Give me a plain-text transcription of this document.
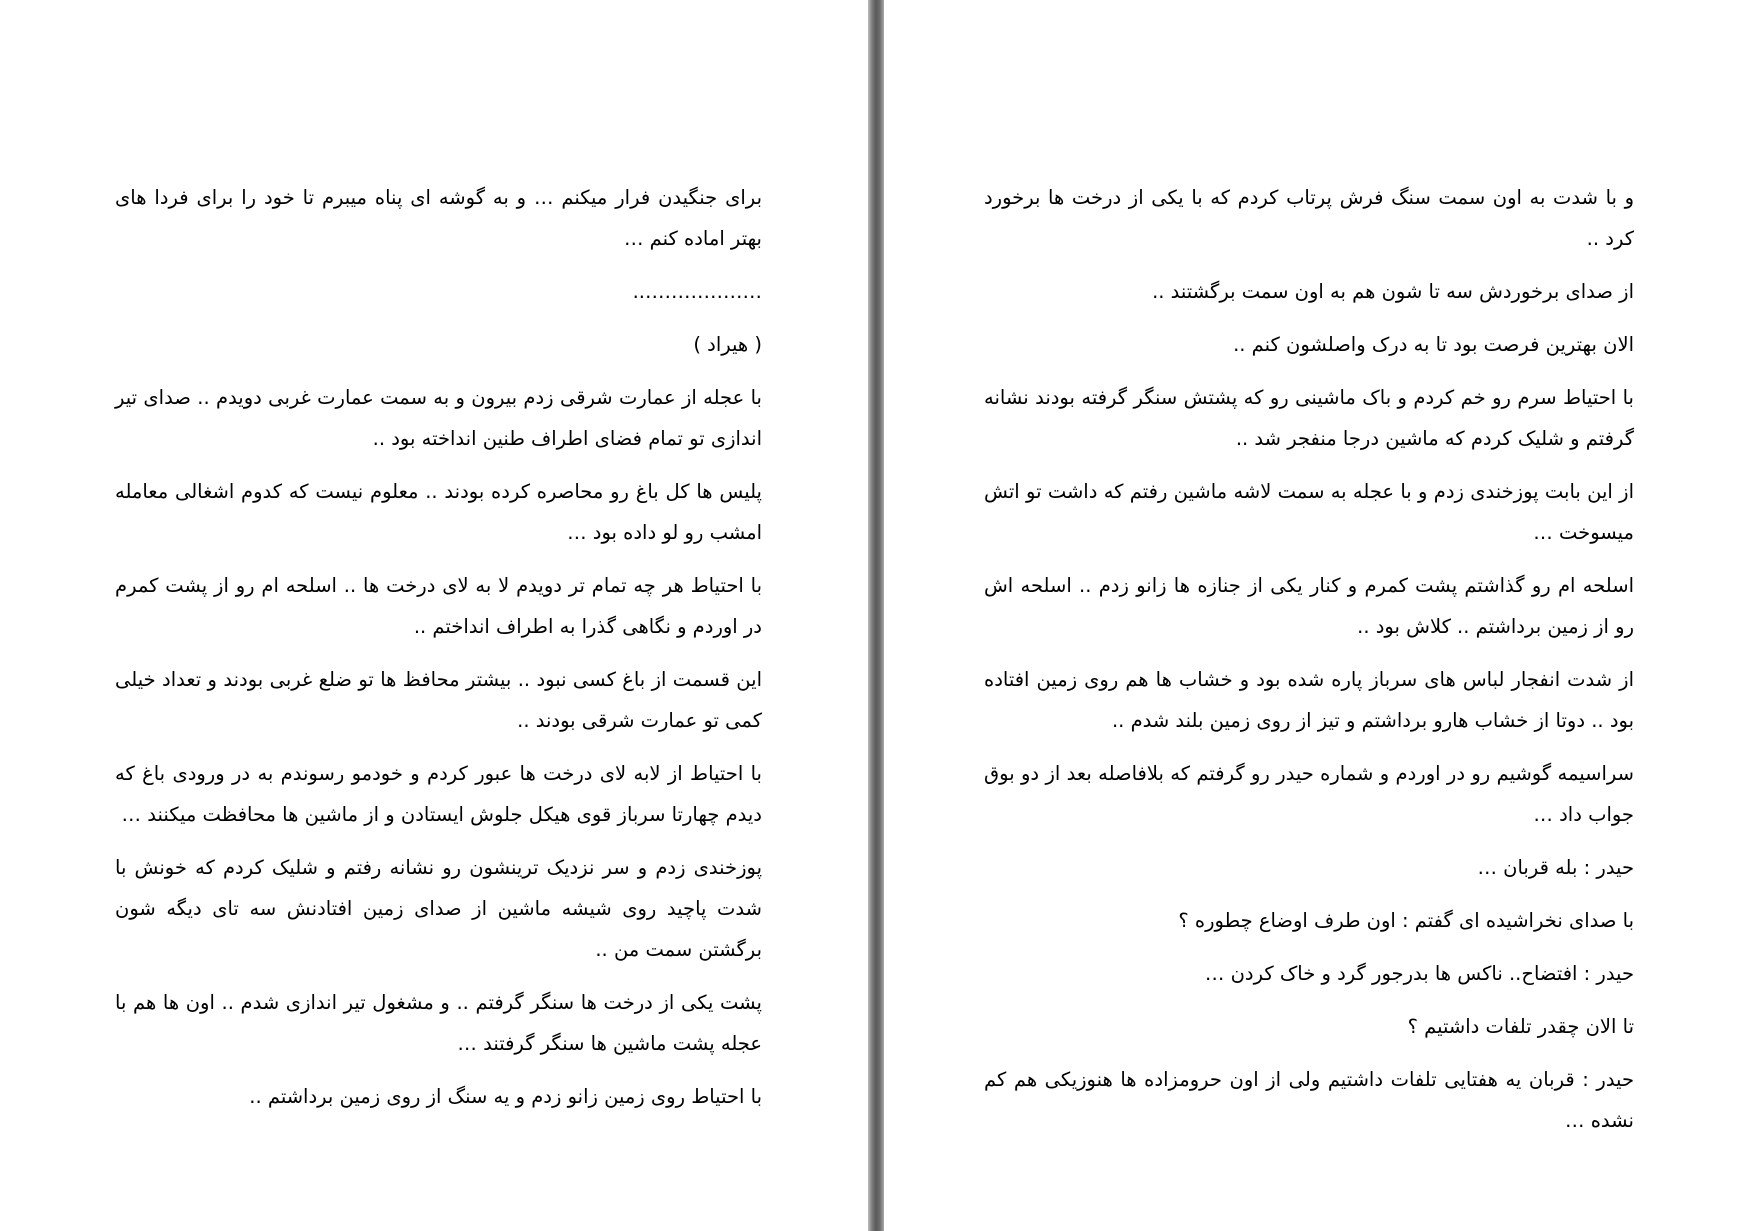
برای جنگیدن فرار میکنم … و به گوشه ای پناه میبرم تا خود را برای فردا های بهتر اماده کنم …

………………..

( هیراد )

با عجله از عمارت شرقی زدم بیرون و به سمت عمارت غربی دویدم .. صدای تیر اندازی تو تمام فضای اطراف طنین انداخته بود ..

پلیس ها کل باغ رو محاصره کرده بودند .. معلوم نیست که کدوم اشغالی معامله امشب رو لو داده بود …

با احتیاط هر چه تمام تر دویدم لا به لای درخت ها .. اسلحه ام رو از پشت کمرم در اوردم و نگاهی گذرا به اطراف انداختم ..

این قسمت از باغ کسی نبود .. بیشتر محافظ ها تو ضلع غربی بودند و تعداد خیلی کمی تو عمارت شرقی بودند ..

با احتیاط از لابه لای درخت ها عبور کردم و خودمو رسوندم به در ورودی باغ که دیدم چهارتا سرباز قوی هیکل جلوش ایستادن و از ماشین ها محافظت میکنند …

پوزخندی زدم و سر نزدیک ترینشون رو نشانه رفتم و شلیک کردم که خونش با شدت پاچید روی شیشه ماشین از صدای زمین افتادنش سه تای دیگه شون برگشتن سمت من ..

پشت یکی از درخت ها سنگر گرفتم .. و مشغول تیر اندازی شدم .. اون ها هم با عجله پشت ماشین ها سنگر گرفتند …

با احتیاط روی زمین زانو زدم و یه سنگ از روی زمین برداشتم ..

و با شدت به اون سمت سنگ فرش پرتاب کردم که با یکی از درخت ها برخورد کرد ..

از صدای برخوردش سه تا شون هم به اون سمت برگشتند ..

الان بهترین فرصت بود تا به درک واصلشون کنم ..

با احتیاط سرم رو خم کردم و باک ماشینی رو که پشتش سنگر گرفته بودند نشانه گرفتم و شلیک کردم که ماشین درجا منفجر شد ..

از این بابت پوزخندی زدم و با عجله به سمت لاشه ماشین رفتم که داشت تو اتش میسوخت …

اسلحه ام رو گذاشتم پشت کمرم و کنار یکی از جنازه ها زانو زدم .. اسلحه اش رو از زمین برداشتم .. کلاش بود ..

از شدت انفجار لباس های سرباز پاره شده بود و خشاب ها هم روی زمین افتاده بود .. دوتا از خشاب هارو برداشتم و تیز از روی زمین بلند شدم ..

سراسیمه گوشیم رو در اوردم و شماره حیدر رو گرفتم که بلافاصله بعد از دو بوق جواب داد …

حیدر : بله قربان …

با صدای نخراشیده ای گفتم : اون طرف اوضاع چطوره ؟

حیدر : افتضاح.. ناکس ها بدرجور گرد و خاک کردن …

تا الان چقدر تلفات داشتیم ؟

حیدر : قربان یه هفتایی تلفات داشتیم ولی از اون حرومزاده ها هنوزیکی هم کم نشده …
